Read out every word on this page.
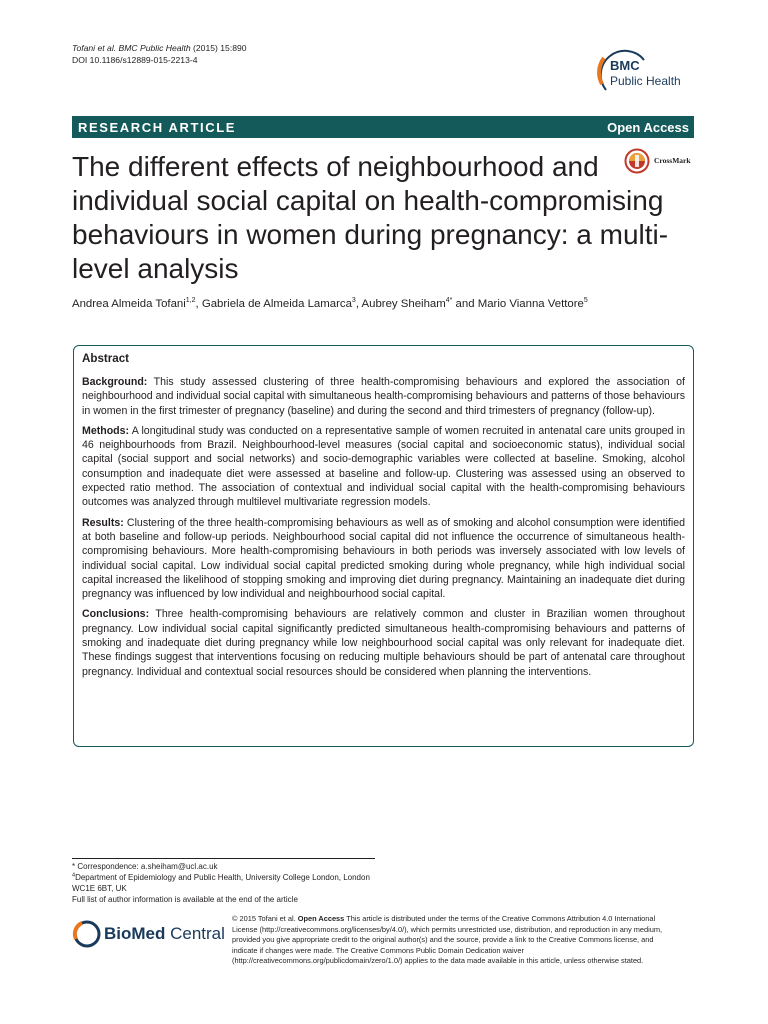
Tofani et al. BMC Public Health (2015) 15:890
DOI 10.1186/s12889-015-2213-4	BMC
Public Health
RESEARCH ARTICLE	Open Access
The different effects of neighbourhood and individual social capital on health-compromising behaviours in women during pregnancy: a multi-level analysis
CrossMark
Andrea Almeida Tofani$^{1,2}$, Gabriela de Almeida Lamarca$^3$, Aubrey Sheiham$^{4*}$ and Mario Vianna Vettore$^5$
Abstract

Background: This study assessed clustering of three health-compromising behaviours and explored the association of neighbourhood and individual social capital with simultaneous health-compromising behaviours and patterns of those behaviours in women in the first trimester of pregnancy (baseline) and during the second and third trimesters of pregnancy (follow-up).

Methods: A longitudinal study was conducted on a representative sample of women recruited in antenatal care units grouped in 46 neighbourhoods from Brazil. Neighbourhood-level measures (social capital and socioeconomic status), individual social capital (social support and social networks) and socio-demographic variables were collected at baseline. Smoking, alcohol consumption and inadequate diet were assessed at baseline and follow-up. Clustering was assessed using an observed to expected ratio method. The association of contextual and individual social capital with the health-compromising behaviours outcomes was analyzed through multilevel multivariate regression models.

Results: Clustering of the three health-compromising behaviours as well as of smoking and alcohol consumption were identified at both baseline and follow-up periods. Neighbourhood social capital did not influence the occurrence of simultaneous health-compromising behaviours. More health-compromising behaviours in both periods was inversely associated with low levels of individual social capital. Low individual social capital predicted smoking during whole pregnancy, while high individual social capital increased the likelihood of stopping smoking and improving diet during pregnancy. Maintaining an inadequate diet during pregnancy was influenced by low individual and neighbourhood social capital.

Conclusions: Three health-compromising behaviours are relatively common and cluster in Brazilian women throughout pregnancy. Low individual social capital significantly predicted simultaneous health-compromising behaviours and patterns of smoking and inadequate diet during pregnancy while low neighbourhood social capital was only relevant for inadequate diet. These findings suggest that interventions focusing on reducing multiple behaviours should be part of antenatal care throughout pregnancy. Individual and contextual social resources should be considered when planning the interventions.

* Correspondence: a.sheiham@ucl.ac.uk
$^4$Department of Epidemiology and Public Health, University College London, London WC1E 6BT, UK
Full list of author information is available at the end of the article
BioMed Central
© 2015 Tofani et al. Open Access This article is distributed under the terms of the Creative Commons Attribution 4.0 International License (http://creativecommons.org/licenses/by/4.0/), which permits unrestricted use, distribution, and reproduction in any medium, provided you give appropriate credit to the original author(s) and the source, provide a link to the Creative Commons license, and indicate if changes were made. The Creative Commons Public Domain Dedication waiver (http://creativecommons.org/publicdomain/zero/1.0/) applies to the data made available in this article, unless otherwise stated.
